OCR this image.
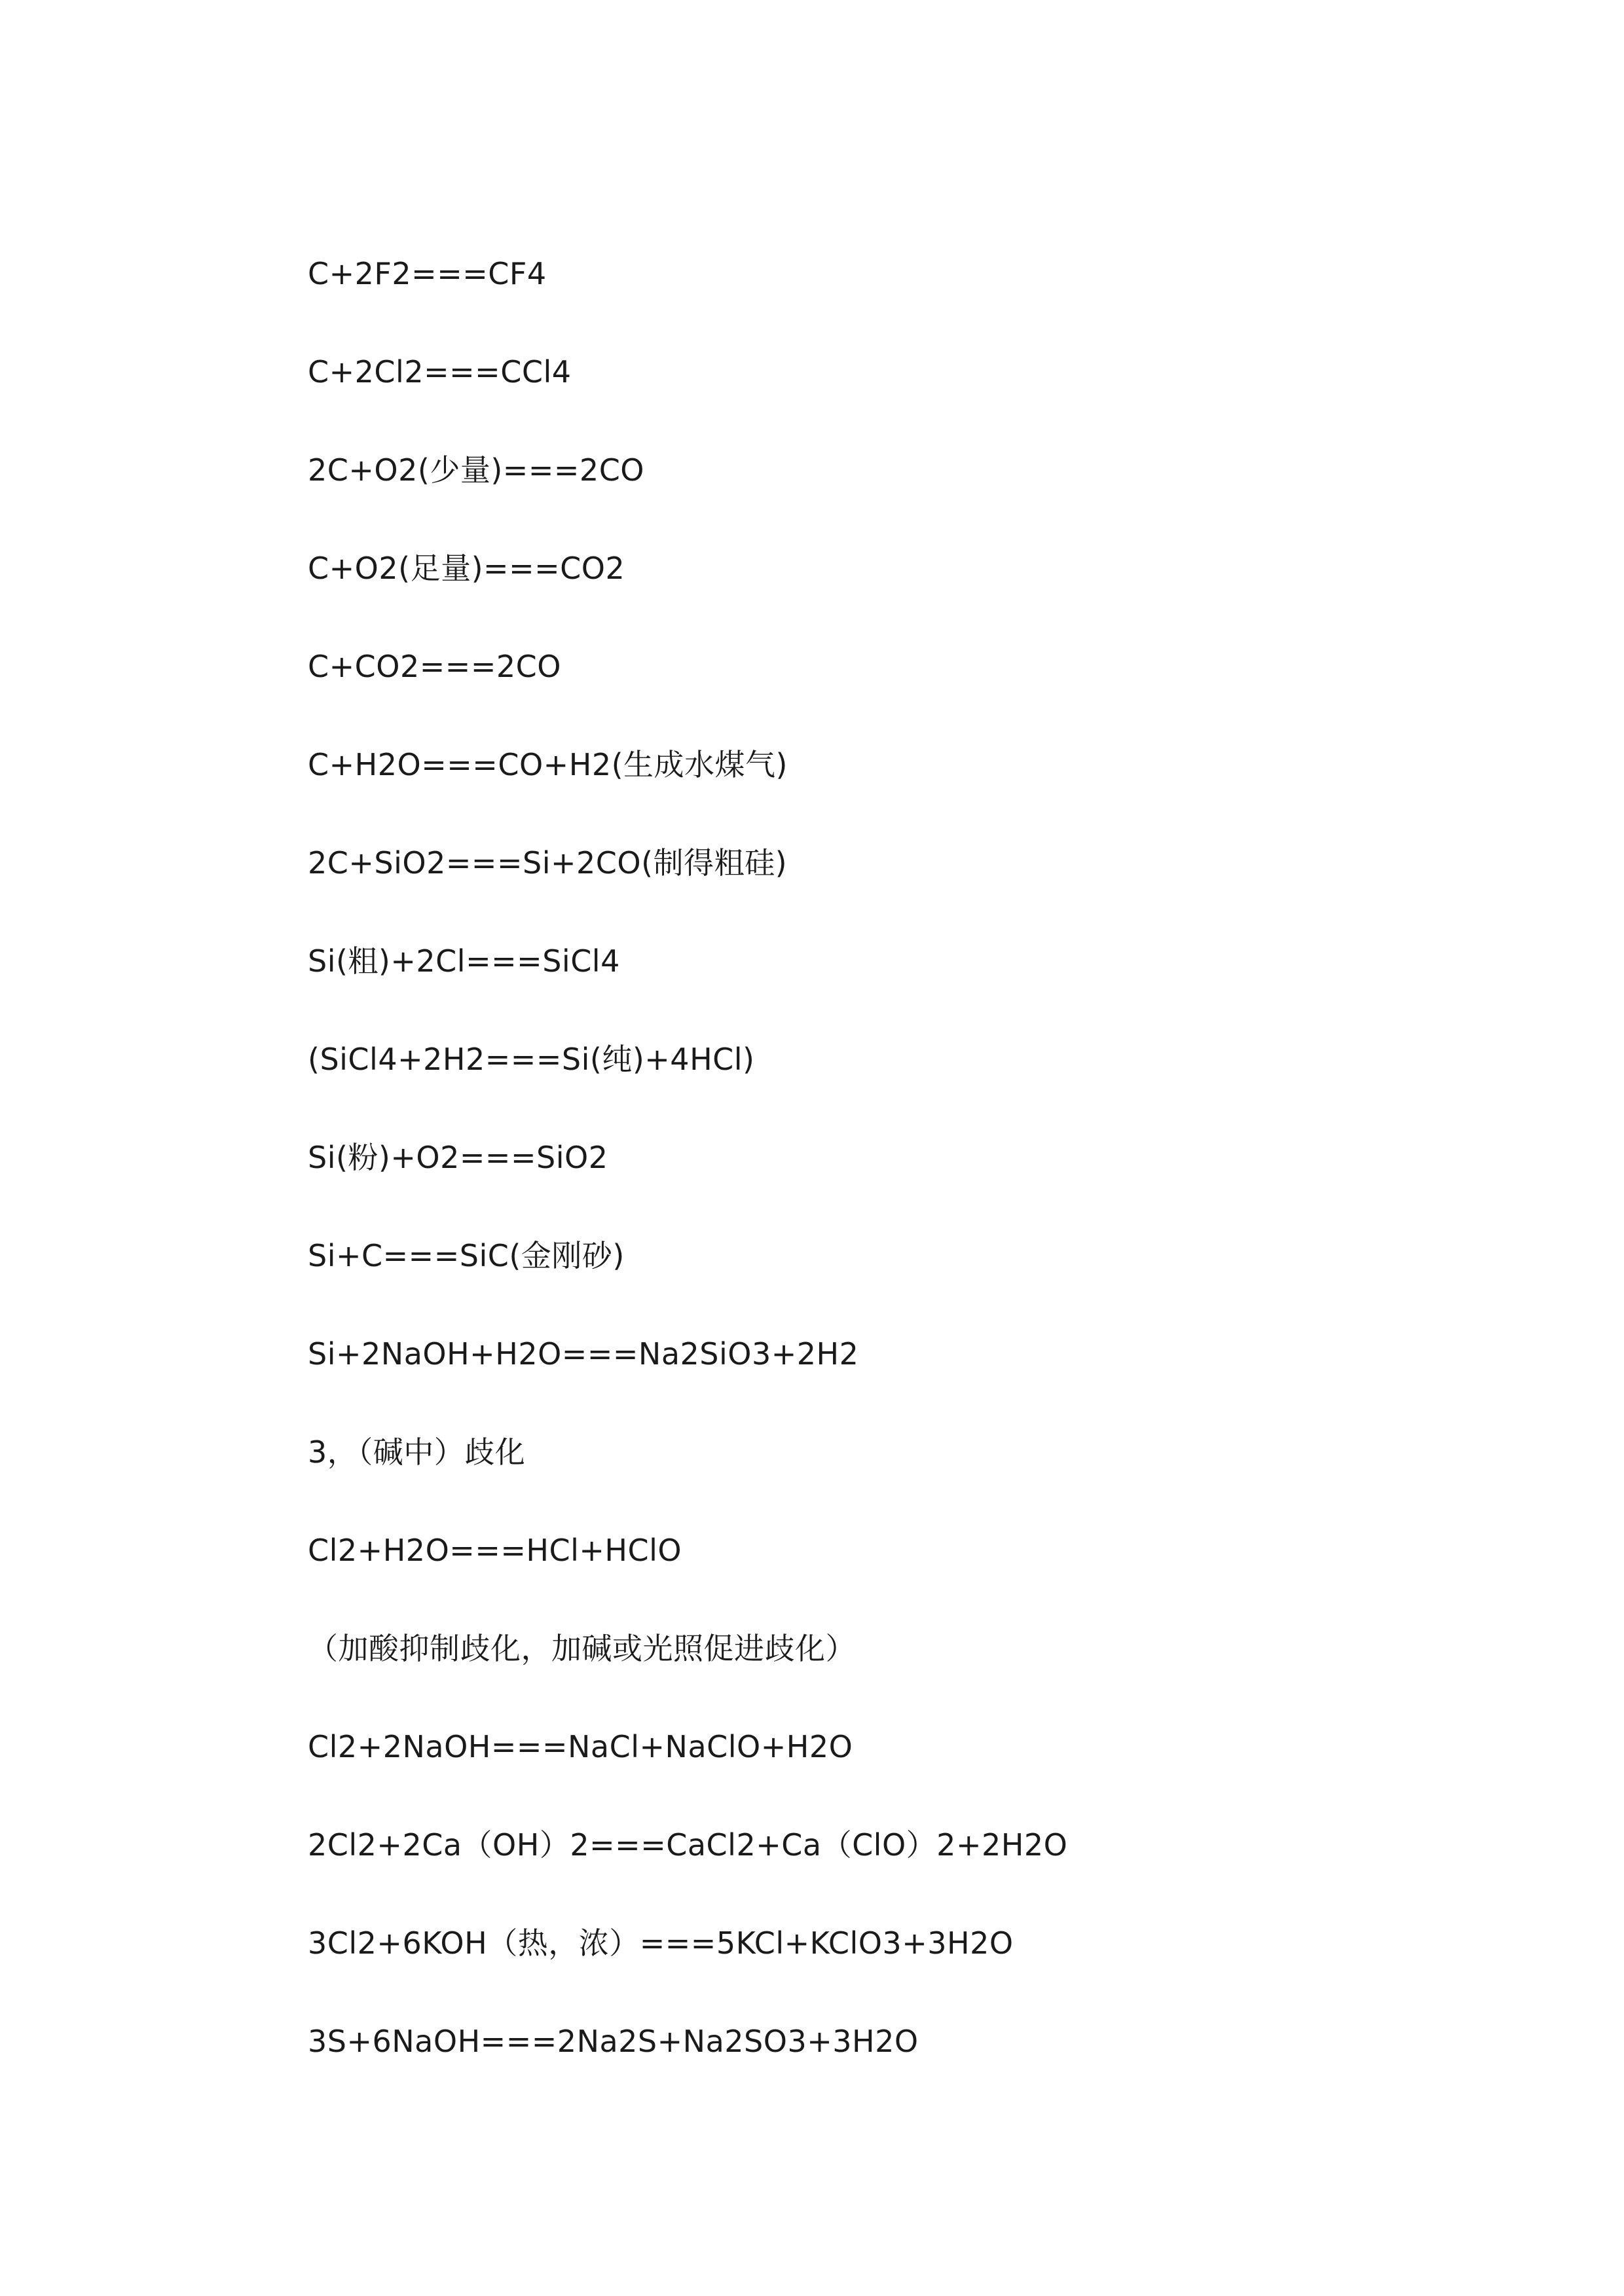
C+2F2===CF4
C+2Cl2===CCl4
2C+O2(少量)===2CO
C+O2(足量)===CO2
C+CO2===2CO
C+H2O===CO+H2(生成水煤气)
2C+SiO2===Si+2CO(制得粗硅)
Si(粗)+2Cl===SiCl4
(SiCl4+2H2===Si(纯)+4HCl)
Si(粉)+O2===SiO2
Si+C===SiC(金刚砂)
Si+2NaOH+H2O===Na2SiO3+2H2
3，（碱中）歧化
Cl2+H2O===HCl+HClO
（加酸抑制歧化，加碱或光照促进歧化）
Cl2+2NaOH===NaCl+NaClO+H2O
2Cl2+2Ca（OH）2===CaCl2+Ca（ClO）2+2H2O
3Cl2+6KOH（热，浓）===5KCl+KClO3+3H2O
3S+6NaOH===2Na2S+Na2SO3+3H2O
